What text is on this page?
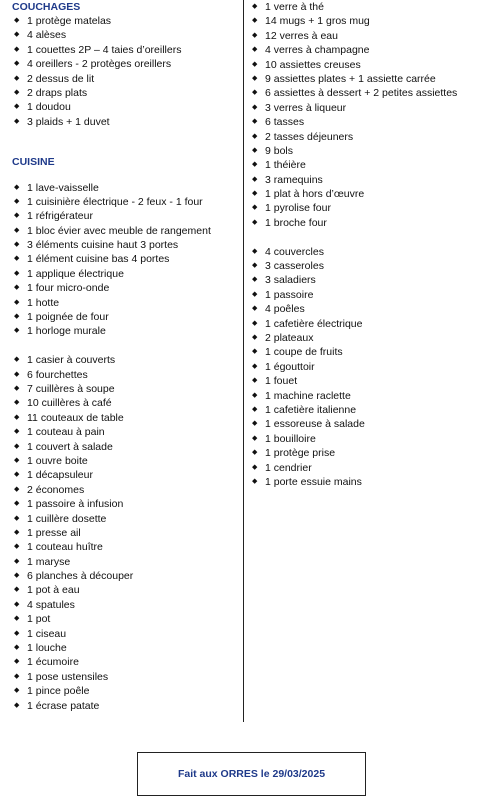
COUCHAGES
◆ 1 protège matelas
◆ 4 alèses
◆ 1 couettes 2P – 4 taies d’oreillers
◆ 4 oreillers - 2 protèges oreillers
◆ 2 dessus de lit
◆ 2 draps plats
◆ 1 doudou
◆ 3 plaids + 1 duvet
CUISINE
◆ 1 lave-vaisselle
◆ 1 cuisinière électrique - 2 feux - 1 four
◆ 1 réfrigérateur
◆ 1 bloc évier avec meuble de rangement
◆ 3 éléments cuisine haut 3 portes
◆ 1 élément cuisine bas 4 portes
◆ 1 applique électrique
◆ 1 four micro-onde
◆ 1 hotte
◆ 1 poignée de four
◆ 1 horloge murale
◆ 1 casier à couverts
◆ 6 fourchettes
◆ 7 cuillères à soupe
◆ 10 cuillères à café
◆ 11 couteaux de table
◆ 1 couteau à pain
◆ 1 couvert à salade
◆ 1 ouvre boite
◆ 1 décapsuleur
◆ 2 économes
◆ 1 passoire à infusion
◆ 1 cuillère dosette
◆ 1 presse ail
◆ 1 couteau huître
◆ 1 maryse
◆ 6 planches à découper
◆ 1 pot à eau
◆ 4 spatules
◆ 1 pot
◆ 1 ciseau
◆ 1 louche
◆ 1 écumoire
◆ 1 pose ustensiles
◆ 1 pince poêle
◆ 1 écrase patate
◆ 1 verre à thé
◆ 14 mugs + 1 gros mug
◆ 12 verres à eau
◆ 4 verres à champagne
◆ 10 assiettes creuses
◆ 9 assiettes plates + 1 assiette carrée
◆ 6 assiettes à dessert + 2 petites assiettes
◆ 3 verres à liqueur
◆ 6 tasses
◆ 2 tasses déjeuners
◆ 9 bols
◆ 1 théière
◆ 3 ramequins
◆ 1 plat à hors d’œuvre
◆ 1 pyrolise four
◆ 1 broche four
◆ 4 couvercles
◆ 3 casseroles
◆ 3 saladiers
◆ 1 passoire
◆ 4 poêles
◆ 1 cafetière électrique
◆ 2 plateaux
◆ 1 coupe de fruits
◆ 1 égouttoir
◆ 1 fouet
◆ 1 machine raclette
◆ 1 cafetière italienne
◆ 1 essoreuse à salade
◆ 1 bouilloire
◆ 1 protège prise
◆ 1 cendrier
◆ 1 porte essuie mains
Fait aux ORRES le 29/03/2025
